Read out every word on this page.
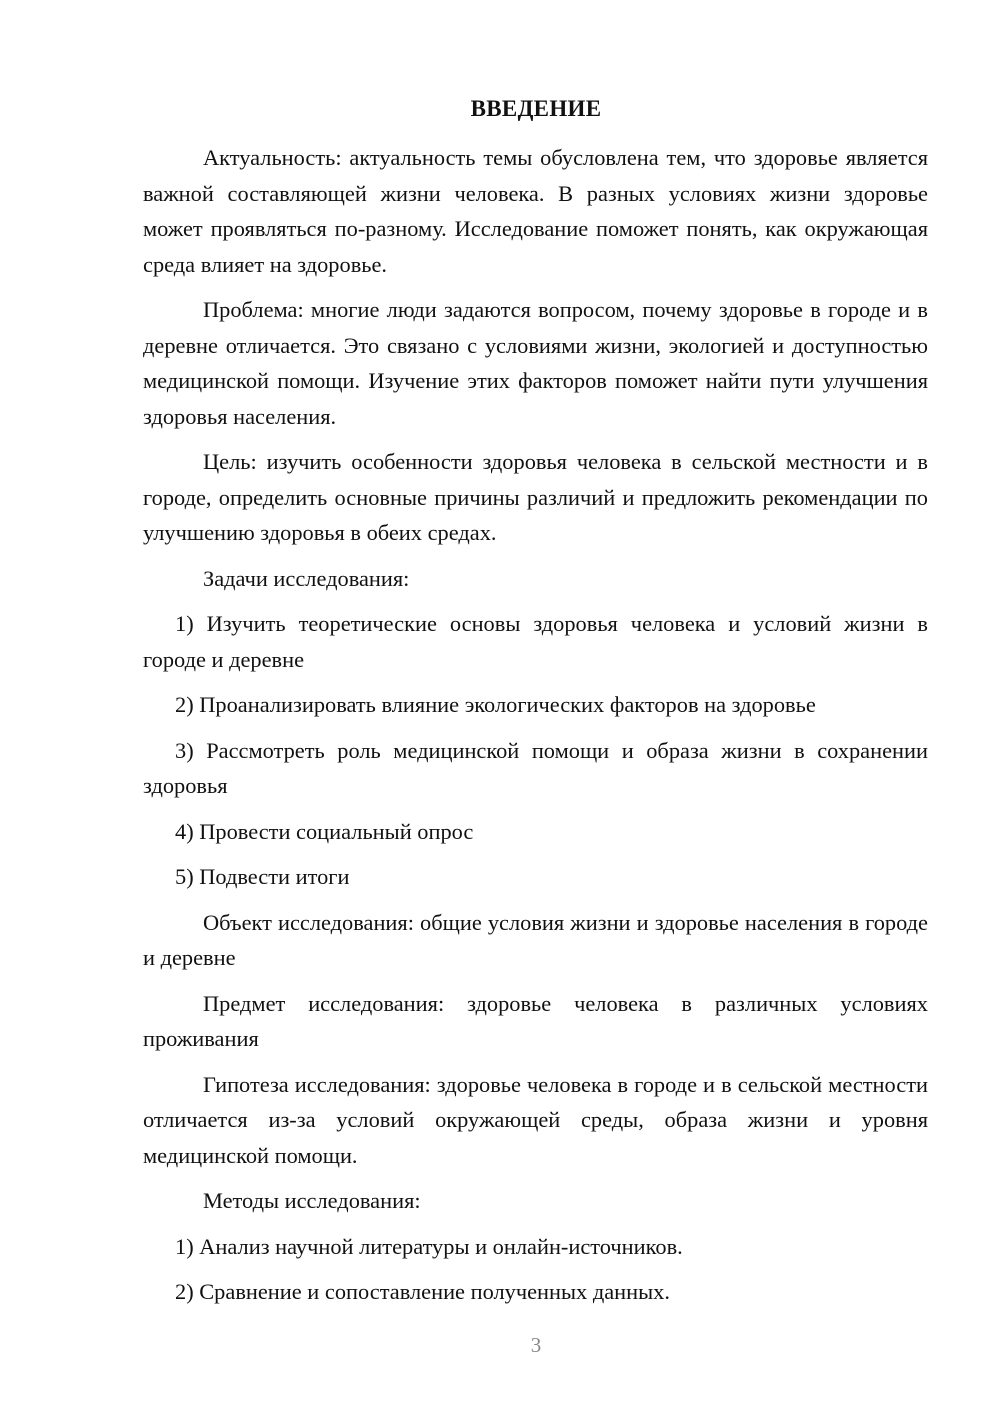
ВВЕДЕНИЕ

Актуальность: актуальность темы обусловлена тем, что здоровье является важной составляющей жизни человека. В разных условиях жизни здоровье может проявляться по-разному. Исследование поможет понять, как окружающая среда влияет на здоровье.

Проблема: многие люди задаются вопросом, почему здоровье в городе и в деревне отличается. Это связано с условиями жизни, экологией и доступностью медицинской помощи. Изучение этих факторов поможет найти пути улучшения здоровья населения.

Цель: изучить особенности здоровья человека в сельской местности и в городе, определить основные причины различий и предложить рекомендации по улучшению здоровья в обеих средах.

Задачи исследования:

1) Изучить теоретические основы здоровья человека и условий жизни в городе и деревне

2) Проанализировать влияние экологических факторов на здоровье

3) Рассмотреть роль медицинской помощи и образа жизни в сохранении здоровья

4) Провести социальный опрос

5) Подвести итоги

Объект исследования: общие условия жизни и здоровье населения в городе и деревне

Предмет исследования: здоровье человека в различных условиях проживания

Гипотеза исследования: здоровье человека в городе и в сельской местности отличается из-за условий окружающей среды, образа жизни и уровня медицинской помощи.

Методы исследования:

1) Анализ научной литературы и онлайн-источников.

2) Сравнение и сопоставление полученных данных.

3
